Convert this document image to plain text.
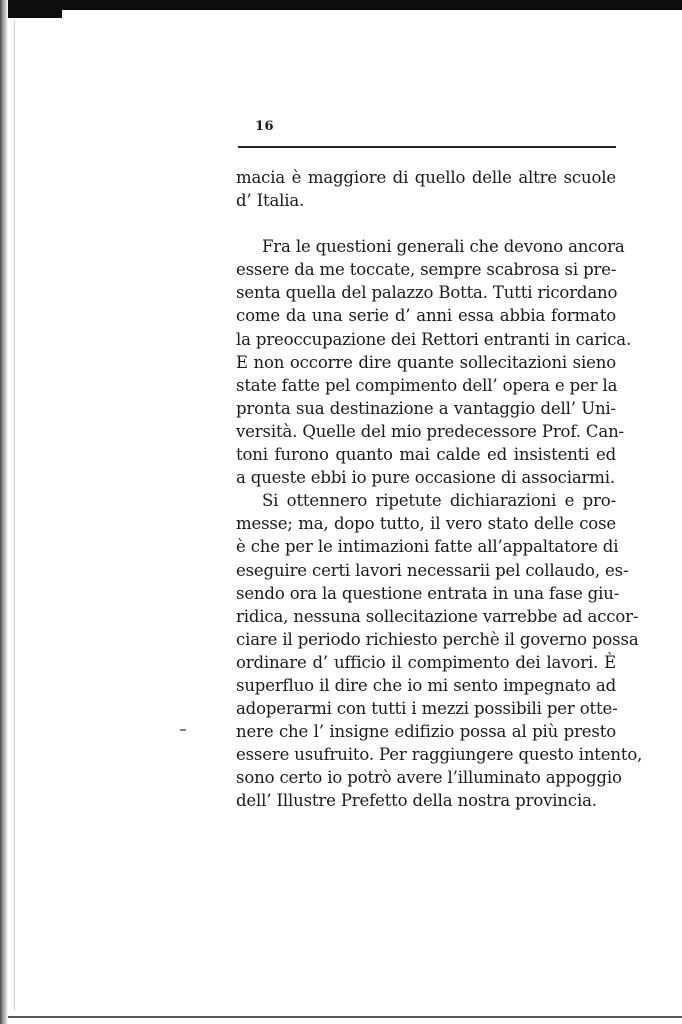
16
macia è maggiore di quello delle altre scuole
d’ Italia.
Fra le questioni generali che devono ancora
essere da me toccate, sempre scabrosa si pre-
senta quella del palazzo Botta. Tutti ricordano
come da una serie d’ anni essa abbia formato
la preoccupazione dei Rettori entranti in carica.
E non occorre dire quante sollecitazioni sieno
state fatte pel compimento dell’ opera e per la
pronta sua destinazione a vantaggio dell’ Uni-
versità. Quelle del mio predecessore Prof. Can-
toni furono quanto mai calde ed insistenti ed
a queste ebbi io pure occasione di associarmi.
Si ottennero ripetute dichiarazioni e pro-
messe; ma, dopo tutto, il vero stato delle cose
è che per le intimazioni fatte all’appaltatore di
eseguire certi lavori necessarii pel collaudo, es-
sendo ora la questione entrata in una fase giu-
ridica, nessuna sollecitazione varrebbe ad accor-
ciare il periodo richiesto perchè il governo possa
ordinare d’ ufficio il compimento dei lavori. È
superfluo il dire che io mi sento impegnato ad
adoperarmi con tutti i mezzi possibili per otte-
nere che l’ insigne edifizio possa al più presto
essere usufruito. Per raggiungere questo intento,
sono certo io potrò avere l’illuminato appoggio
dell’ Illustre Prefetto della nostra provincia.
